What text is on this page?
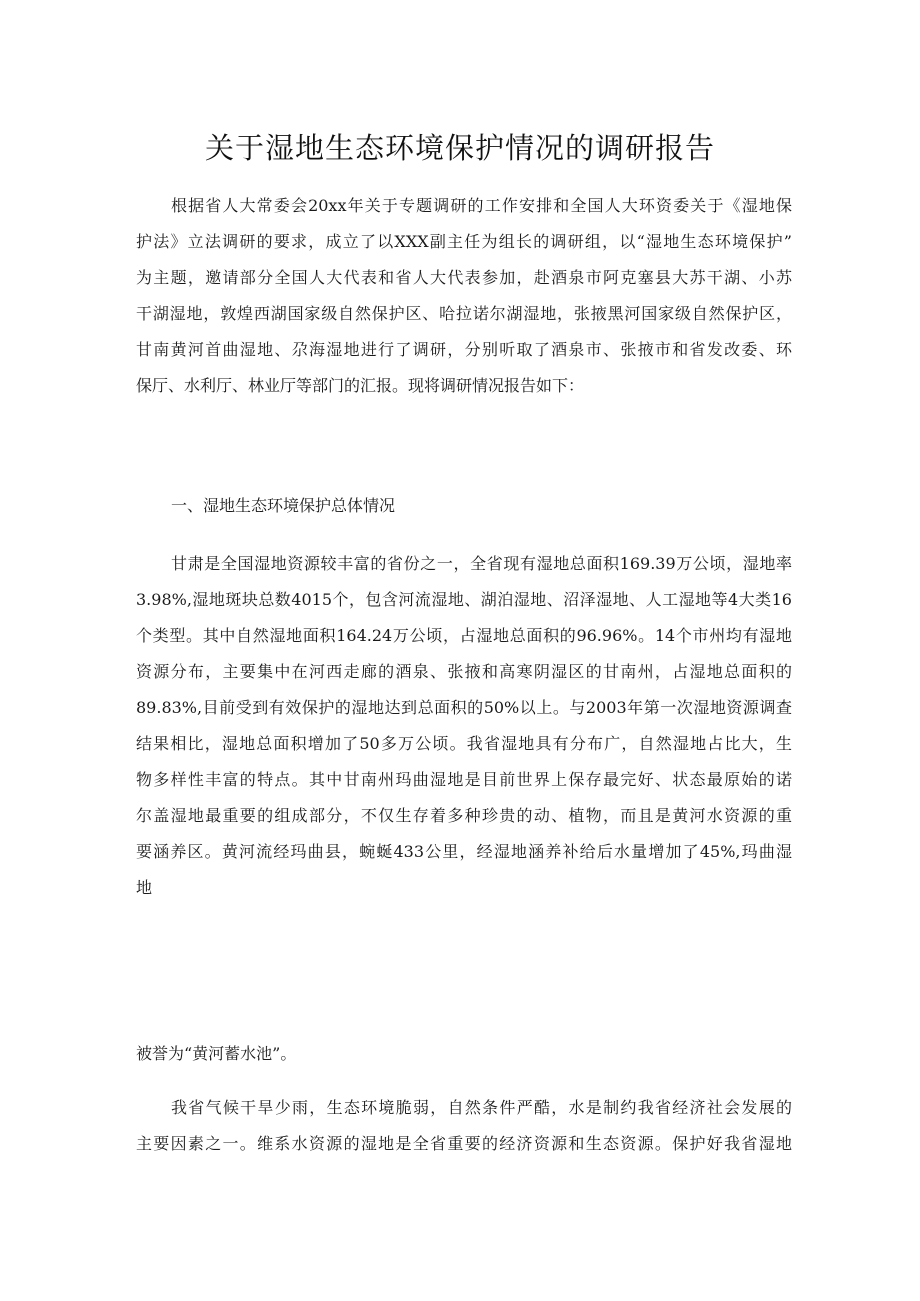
关于湿地生态环境保护情况的调研报告
根据省人大常委会20xx年关于专题调研的工作安排和全国人大环资委关于《湿地保
护法》立法调研的要求，成立了以XXX副主任为组长的调研组，以“湿地生态环境保护”
为主题，邀请部分全国人大代表和省人大代表参加，赴酒泉市阿克塞县大苏干湖、小苏
干湖湿地，敦煌西湖国家级自然保护区、哈拉诺尔湖湿地，张掖黑河国家级自然保护区，
甘南黄河首曲湿地、尕海湿地进行了调研，分别听取了酒泉市、张掖市和省发改委、环
保厅、水利厅、林业厅等部门的汇报。现将调研情况报告如下：
一、湿地生态环境保护总体情况
甘肃是全国湿地资源较丰富的省份之一，全省现有湿地总面积169.39万公顷，湿地率
3.98%,湿地斑块总数4015个，包含河流湿地、湖泊湿地、沼泽湿地、人工湿地等4大类16
个类型。其中自然湿地面积164.24万公顷，占湿地总面积的96.96%。14个市州均有湿地
资源分布，主要集中在河西走廊的酒泉、张掖和高寒阴湿区的甘南州，占湿地总面积的
89.83%,目前受到有效保护的湿地达到总面积的50%以上。与2003年第一次湿地资源调查
结果相比，湿地总面积增加了50多万公顷。我省湿地具有分布广，自然湿地占比大，生
物多样性丰富的特点。其中甘南州玛曲湿地是目前世界上保存最完好、状态最原始的诺
尔盖湿地最重要的组成部分，不仅生存着多种珍贵的动、植物，而且是黄河水资源的重
要涵养区。黄河流经玛曲县，蜿蜒433公里，经湿地涵养补给后水量增加了45%,玛曲湿
地
被誉为“黄河蓄水池”。
我省气候干旱少雨，生态环境脆弱，自然条件严酷，水是制约我省经济社会发展的
主要因素之一。维系水资源的湿地是全省重要的经济资源和生态资源。保护好我省湿地
